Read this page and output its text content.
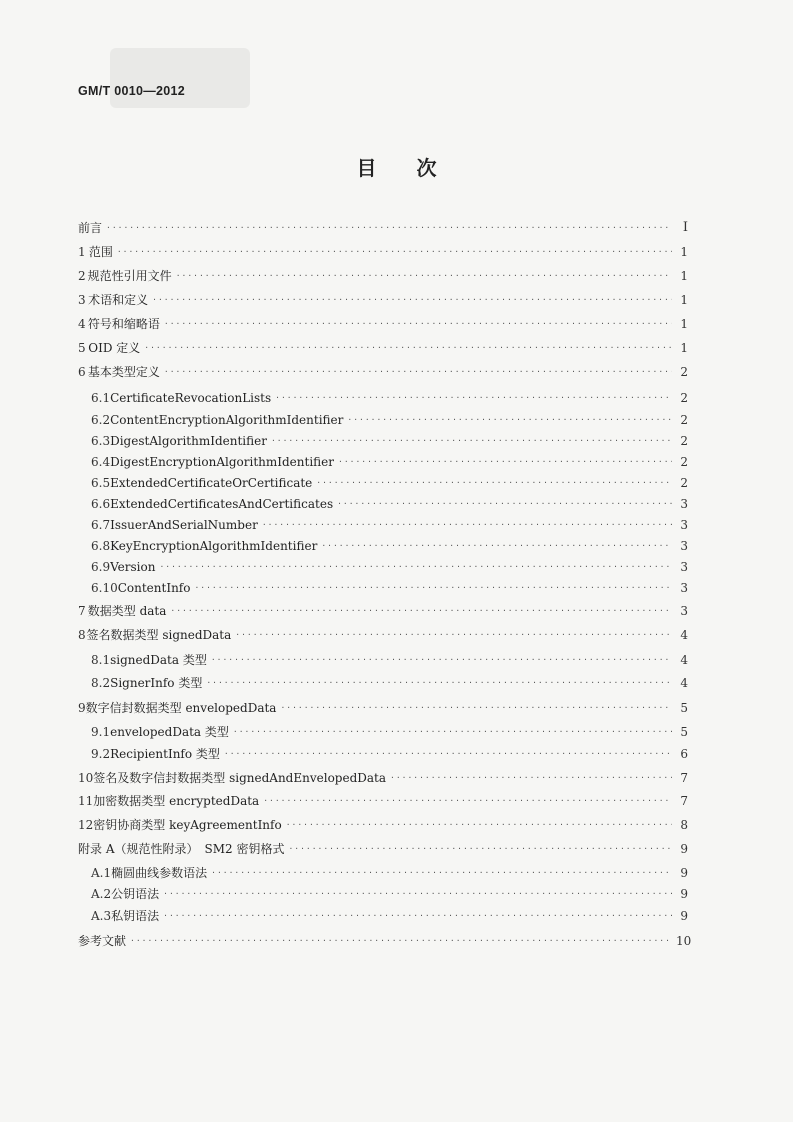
GM/T 0010—2012
目 次
前言 ·····	I
1 范围 ·····	1
2 规范性引用文件 ·····	1
3 术语和定义 ·····	1
4 符号和缩略语 ·····	1
5 OID 定义 ·····	1
6 基本类型定义 ·····	2
6.1 CertificateRevocationLists ·····	2
6.2 ContentEncryptionAlgorithmIdentifier ·····	2
6.3 DigestAlgorithmIdentifier ·····	2
6.4 DigestEncryptionAlgorithmIdentifier ·····	2
6.5 ExtendedCertificateOrCertificate ·····	2
6.6 ExtendedCertificatesAndCertificates ·····	3
6.7 IssuerAndSerialNumber ·····	3
6.8 KeyEncryptionAlgorithmIdentifier ·····	3
6.9 Version ·····	3
6.10 ContentInfo ·····	3
7 数据类型 data ·····	3
8 签名数据类型 signedData ·····	4
8.1 signedData 类型 ·····	4
8.2 SignerInfo 类型 ·····	4
9 数字信封数据类型 envelopedData ·····	5
9.1 envelopedData 类型 ·····	5
9.2 RecipientInfo 类型 ·····	6
10 签名及数字信封数据类型 signedAndEnvelopedData ·····	7
11 加密数据类型 encryptedData ·····	7
12 密钥协商类型 keyAgreementInfo ·····	8
附录 A（规范性附录）　SM2 密钥格式 ·····	9
A.1 椭圆曲线参数语法 ·····	9
A.2 公钥语法 ·····	9
A.3 私钥语法 ·····	9
参考文献 ·····	10
